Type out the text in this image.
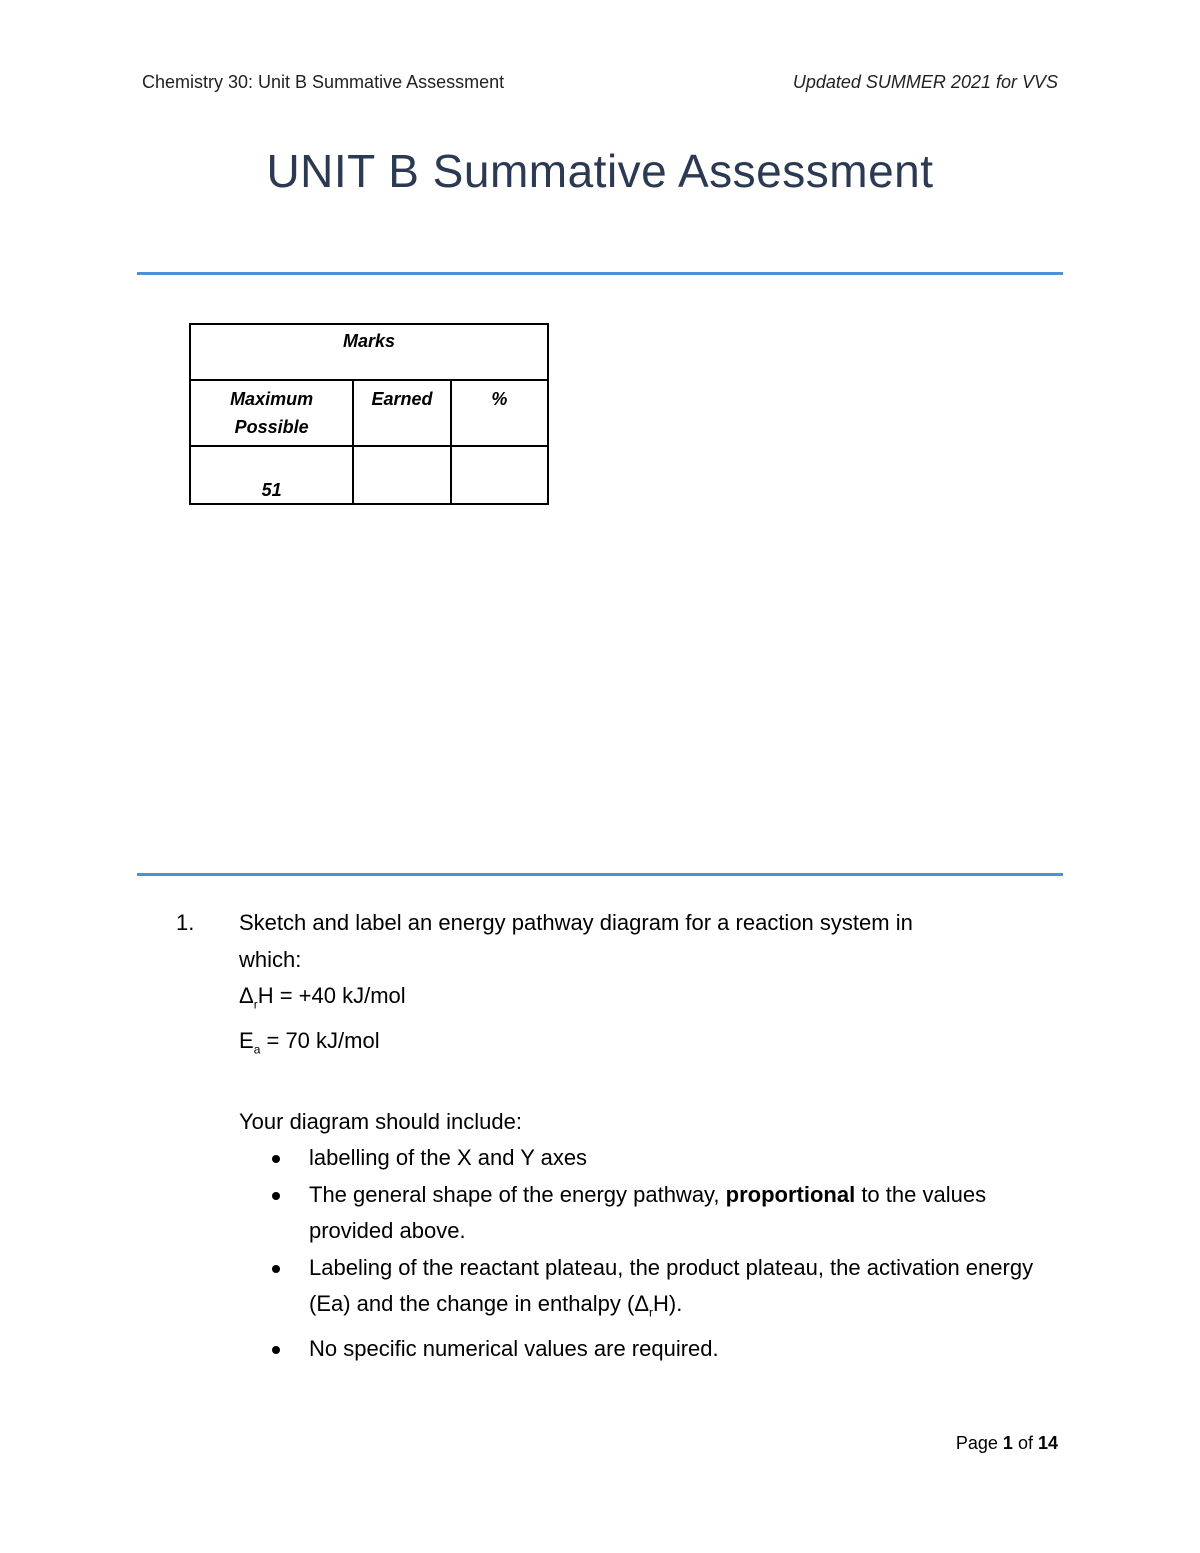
Chemistry 30: Unit B Summative Assessment	Updated SUMMER 2021 for VVS
UNIT B Summative Assessment
Marks		
Maximum
Possible	Earned	%
51		
1. Sketch and label an energy pathway diagram for a reaction system in
which:

$\Delta_rH = +40$ kJ/mol

$E_a = 70$ kJ/mol

Your diagram should include:

labelling of the X and Y axes
The general shape of the energy pathway, proportional to the values provided above.
Labeling of the reactant plateau, the product plateau, the activation energy (Ea) and the change in enthalpy $(\Delta_rH)$.
No specific numerical values are required.
Page 1 of 14
